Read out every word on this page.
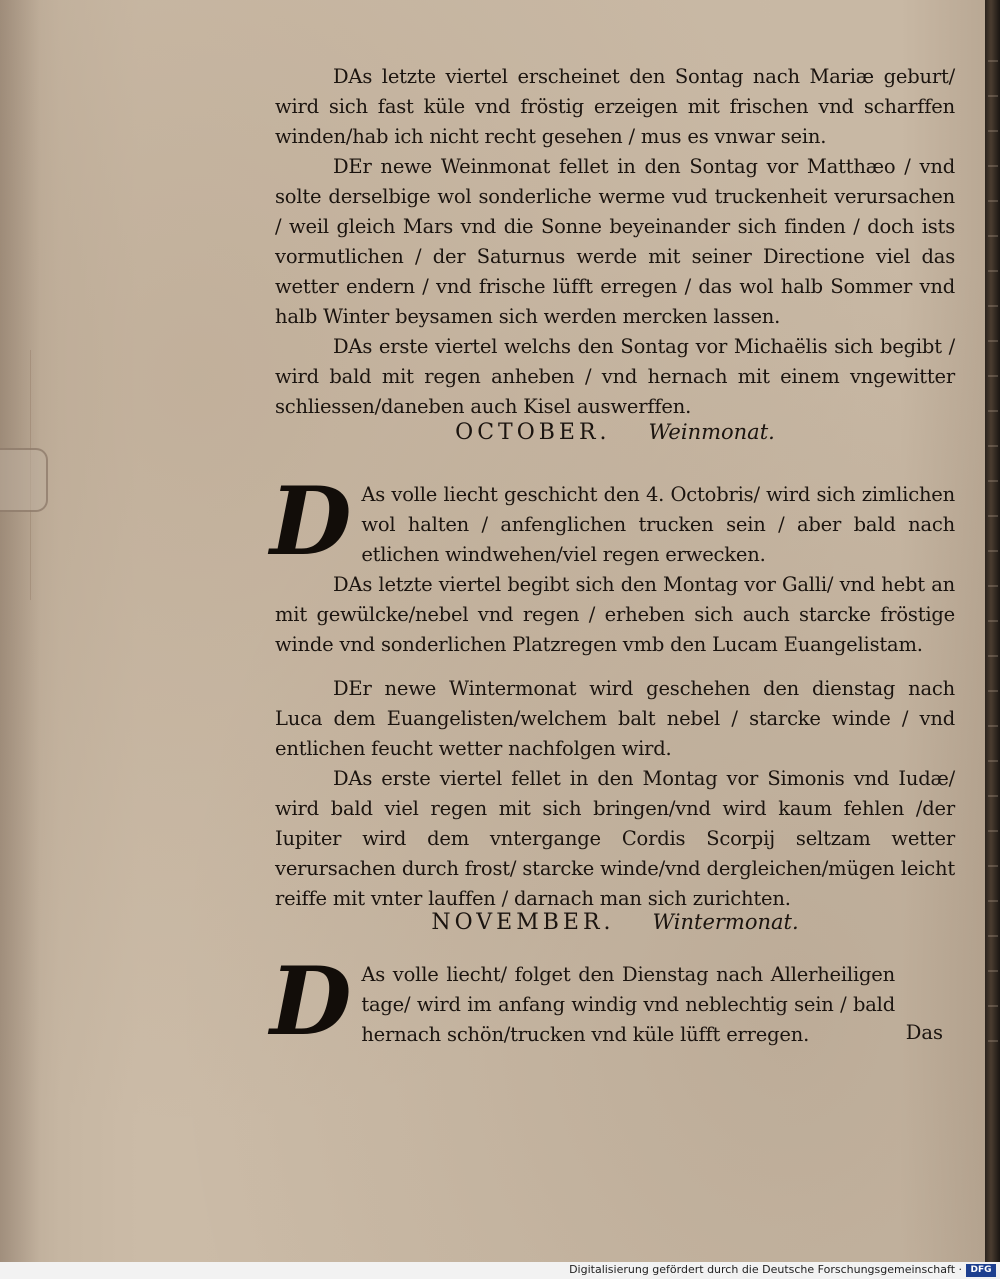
DAs letzte viertel erscheinet den Sontag nach Mariæ geburt/ wird sich fast küle vnd fröstig erzeigen mit frischen vnd scharffen winden/hab ich nicht recht gesehen / mus es vnwar sein.

DEr newe Weinmonat fellet in den Sontag vor Matthæo / vnd solte derselbige wol sonderliche werme vud truckenheit verursachen / weil gleich Mars vnd die Sonne beyeinander sich finden / doch ists vormutlichen / der Saturnus werde mit seiner Directione viel das wetter endern / vnd frische lüfft erregen / das wol halb Sommer vnd halb Winter beysamen sich werden mercken lassen.

DAs erste viertel welchs den Sontag vor Michaëlis sich begibt / wird bald mit regen anheben / vnd hernach mit einem vngewitter schliessen/daneben auch Kisel auswerffen.

OCTOBER. Weinmonat.

D As volle liecht geschicht den 4. Octobris/ wird sich zimlichen wol halten / anfenglichen trucken sein / aber bald nach etlichen windwehen/viel regen erwecken.

DAs letzte viertel begibt sich den Montag vor Galli/ vnd hebt an mit gewülcke/nebel vnd regen / erheben sich auch starcke fröstige winde vnd sonderlichen Platzregen vmb den Lucam Euangelistam.

DEr newe Wintermonat wird geschehen den dienstag nach Luca dem Euangelisten/welchem balt nebel / starcke winde / vnd entlichen feucht wetter nachfolgen wird.

DAs erste viertel fellet in den Montag vor Simonis vnd Iudæ/ wird bald viel regen mit sich bringen/vnd wird kaum fehlen /der Iupiter wird dem vntergange Cordis Scorpij seltzam wetter verursachen durch frost/ starcke winde/vnd dergleichen/mügen leicht reiffe mit vnter lauffen / darnach man sich zurichten.

NOVEMBER. Wintermonat.

D As volle liecht/ folget den Dienstag nach Allerheiligen tage/ wird im anfang windig vnd neblechtig sein / bald hernach schön/trucken vnd küle lüfft erregen.	Das
Digitalisierung gefördert durch die Deutsche Forschungsgemeinschaft · DFG
